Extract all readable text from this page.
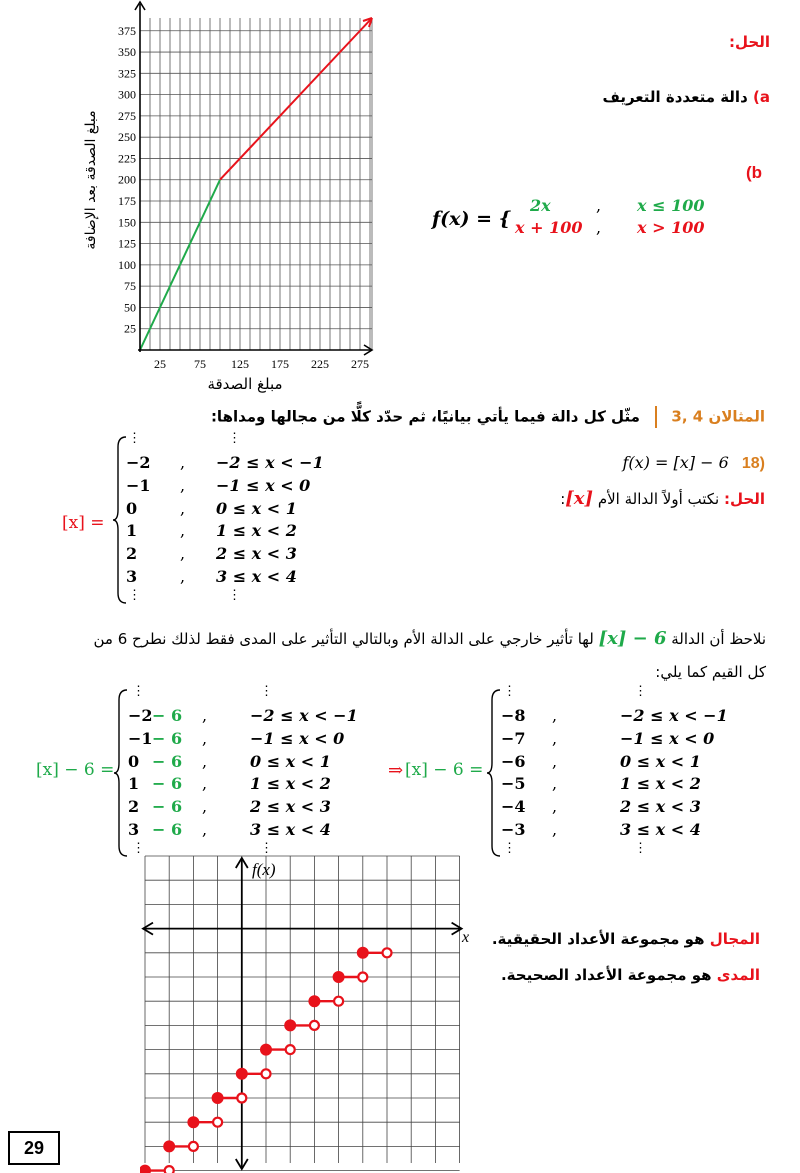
25
50
75
100
125
150
175
200
225
250
275
300
325
350
375
25 75 125 175 225 275
مبلغ الصدقة
مبلغ الصدقة بعد الإضافة
الحل:
a) دالة متعددة التعريف
(b
f(x) = {
2x	, x ≤ 100
x + 100 , x > 100
المثالان 4 ,3  مثّل كل دالة فيما يأتي بيانيًا، ثم حدّد كلًّا من مجالها ومداها:
f(x) = [x] − 6 18)
الحل: نكتب أولاً الدالة الأم [x]:
[x] =
⋮	⋮
−2 , −2 ≤ x < −1
−1 , −1 ≤ x < 0
0	, 0 ≤ x < 1
1	, 1 ≤ x < 2
2	, 2 ≤ x < 3
3	, 3 ≤ x < 4
⋮	⋮
نلاحظ أن الدالة [x] − 6 لها تأثير خارجي على الدالة الأم وبالتالي التأثير على المدى فقط لذلك نطرح 6 من
كل القيم كما يلي:
[x] − 6 =	⇒ [x] − 6 =
⋮	⋮	⋮	⋮
−2 − 6 ,	−2 ≤ x < −1	−8 ,	−2 ≤ x < −1
−1 − 6 ,	−1 ≤ x < 0	−7 ,	−1 ≤ x < 0
0 − 6 ,	0 ≤ x < 1	−6 ,	0 ≤ x < 1
1 − 6 ,	1 ≤ x < 2	−5 ,	1 ≤ x < 2
2 − 6 ,	2 ≤ x < 3	−4 ,	2 ≤ x < 3
3 − 6 ,	3 ≤ x < 4	−3 ,	3 ≤ x < 4
⋮	⋮	⋮	⋮
f(x)
x	المجال هو مجموعة الأعداد الحقيقية.
المدى هو مجموعة الأعداد الصحيحة.
29
